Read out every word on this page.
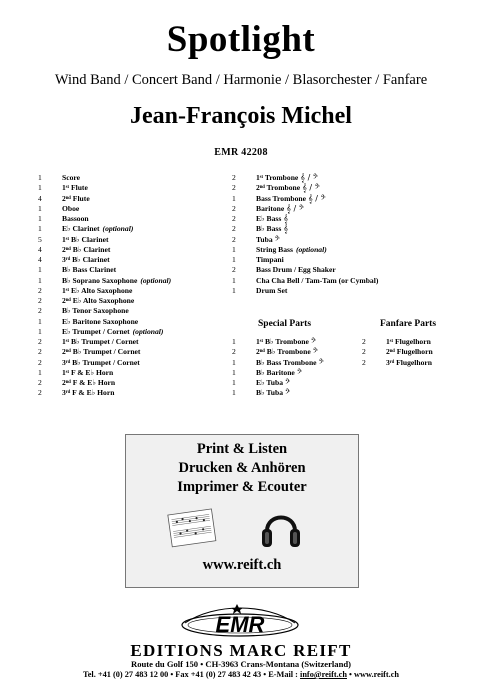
Spotlight
Wind Band / Concert Band / Harmonie / Blasorchester / Fanfare
Jean-François Michel
EMR 42208
1	Score
1	1ˢᵗ Flute
4	2ⁿᵈ Flute
1	Oboe
1	Bassoon
1	E♭ Clarinet (optional)
5	1ˢᵗ B♭ Clarinet
4	2ⁿᵈ B♭ Clarinet
4	3ʳᵈ B♭ Clarinet
1	B♭ Bass Clarinet
1	B♭ Soprano Saxophone (optional)
2	1ˢᵗ E♭ Alto Saxophone
2	2ⁿᵈ E♭ Alto Saxophone
2	B♭ Tenor Saxophone
1	E♭ Baritone Saxophone
1	E♭ Trumpet / Cornet (optional)
2	1ˢᵗ B♭ Trumpet / Cornet
2	2ⁿᵈ B♭ Trumpet / Cornet
2	3ʳᵈ B♭ Trumpet / Cornet
1	1ˢᵗ F & E♭ Horn
2	2ⁿᵈ F & E♭ Horn
2	3ʳᵈ F & E♭ Horn
2	1ˢᵗ Trombone 𝄞 / 𝄢
2	2ⁿᵈ Trombone 𝄞 / 𝄢
1	Bass Trombone 𝄞 / 𝄢
2	Baritone 𝄞 / 𝄢
2	E♭ Bass 𝄞
2	B♭ Bass 𝄞
2	Tuba 𝄢
1	String Bass (optional)
1	Timpani
2	Bass Drum / Egg Shaker
1	Cha Cha Bell / Tam-Tam (or Cymbal)
1	Drum Set
Special Parts	Fanfare Parts
1	1ˢᵗ B♭ Trombone 𝄢
2	2ⁿᵈ B♭ Trombone 𝄢
1	B♭ Bass Trombone 𝄢
1	B♭ Baritone 𝄢
1	E♭ Tuba 𝄢
1	B♭ Tuba 𝄢
2	1ˢᵗ Flugelhorn
2	2ⁿᵈ Flugelhorn
2	3ʳᵈ Flugelhorn
Print & Listen
Drucken & Anhören
Imprimer & Ecouter
www.reift.ch
EMR
EDITIONS MARC REIFT
Route du Golf 150 • CH-3963 Crans-Montana (Switzerland)
Tel. +41 (0) 27 483 12 00 • Fax +41 (0) 27 483 42 43 • E-Mail : info@reift.ch • www.reift.ch
